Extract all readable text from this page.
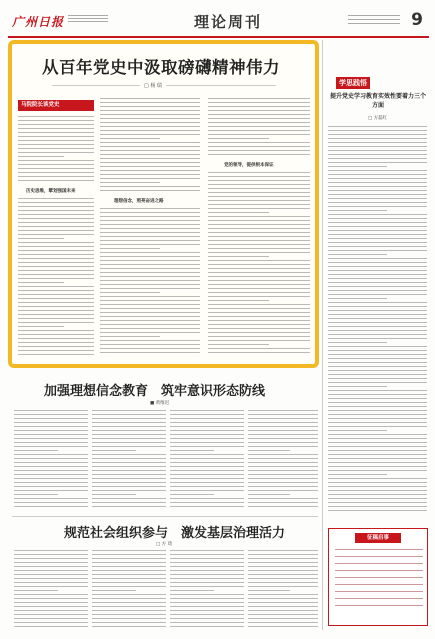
广州日报	理论周刊	9
从百年党史中汲取磅礴精神伟力
□ 杨 瑞
马院院长谈党史
历史思维，擘划强国未来
理想信念，照亮奋进之路
党的领导，提供根本保证
学思践悟
提升党史学习教育实效性要着力三个方面
□ 方磊红
加强理想信念教育　筑牢意识形态防线
■ 黄维迟
规范社会组织参与　激发基层治理活力
□ 方 琦
征稿启事
